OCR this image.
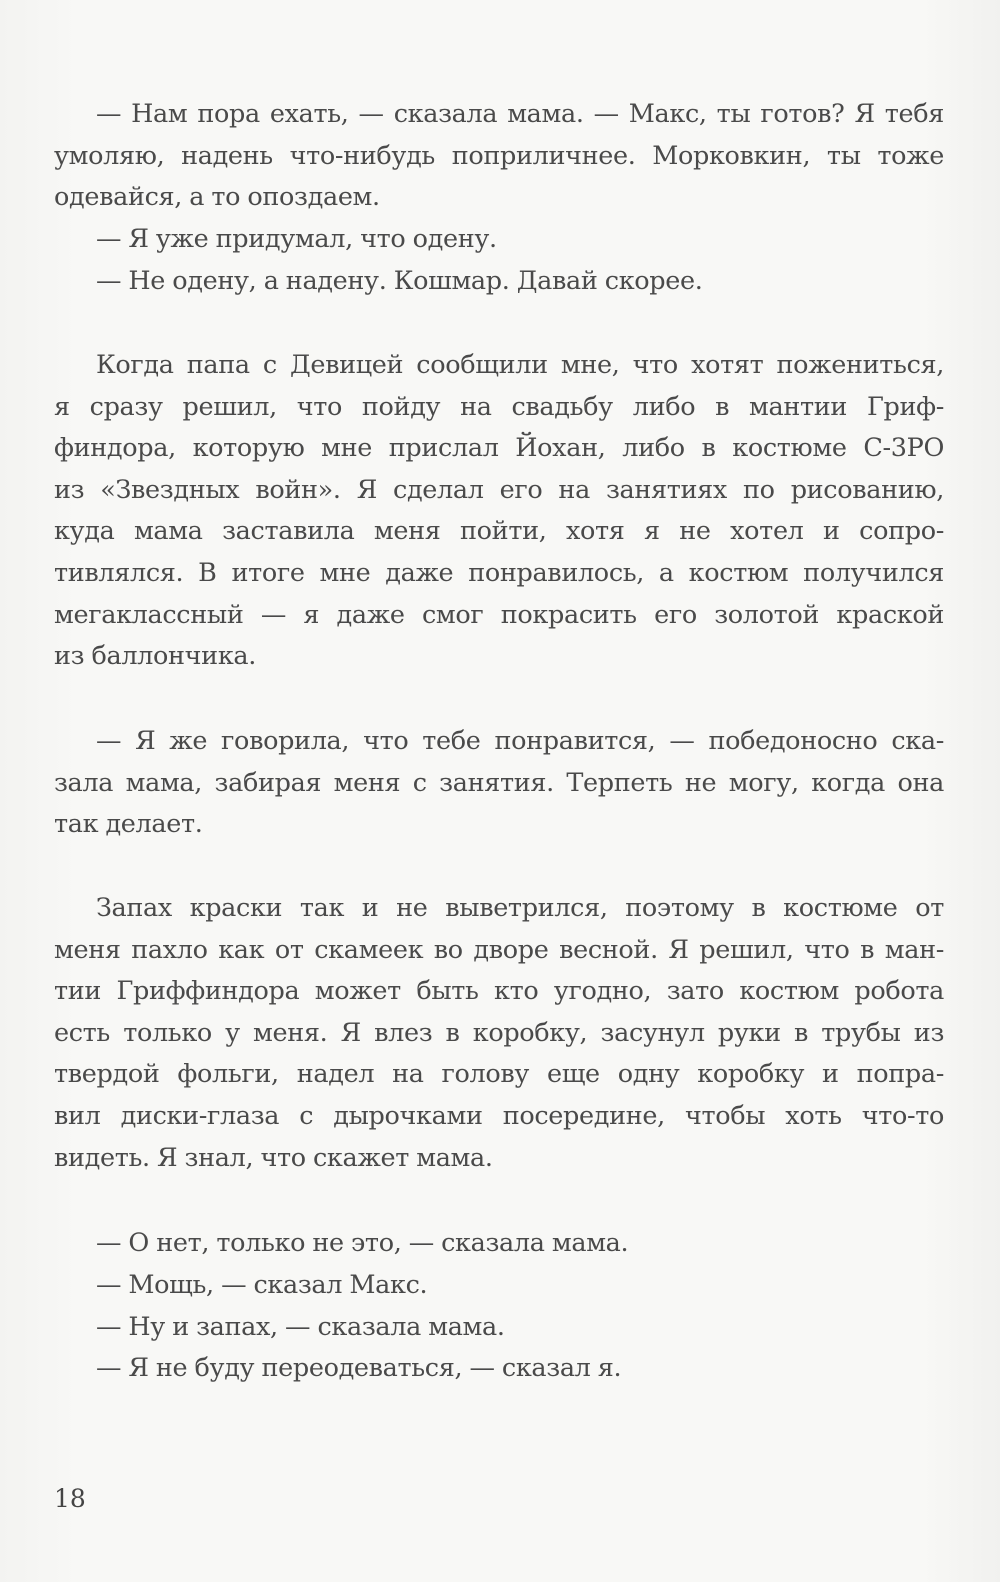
— Нам пора ехать, — сказала мама. — Макс, ты готов? Я тебя
умоляю, надень что-нибудь поприличнее. Морковкин, ты тоже
одевайся, а то опоздаем.
— Я уже придумал, что одену.
— Не одену, а надену. Кошмар. Давай скорее.
Когда папа с Девицей сообщили мне, что хотят пожениться,
я сразу решил, что пойду на свадьбу либо в мантии Гриф-
финдора, которую мне прислал Йохан, либо в костюме С-3PO
из «Звездных войн». Я сделал его на занятиях по рисованию,
куда мама заставила меня пойти, хотя я не хотел и сопро-
тивлялся. В итоге мне даже понравилось, а костюм получился
мегаклассный — я даже смог покрасить его золотой краской
из баллончика.
— Я же говорила, что тебе понравится, — победоносно ска-
зала мама, забирая меня с занятия. Терпеть не могу, когда она
так делает.
Запах краски так и не выветрился, поэтому в костюме от
меня пахло как от скамеек во дворе весной. Я решил, что в ман-
тии Гриффиндора может быть кто угодно, зато костюм робота
есть только у меня. Я влез в коробку, засунул руки в трубы из
твердой фольги, надел на голову еще одну коробку и попра-
вил диски-глаза с дырочками посередине, чтобы хоть что-то
видеть. Я знал, что скажет мама.
— О нет, только не это, — сказала мама.
— Мощь, — сказал Макс.
— Ну и запах, — сказала мама.
— Я не буду переодеваться, — сказал я.
18
